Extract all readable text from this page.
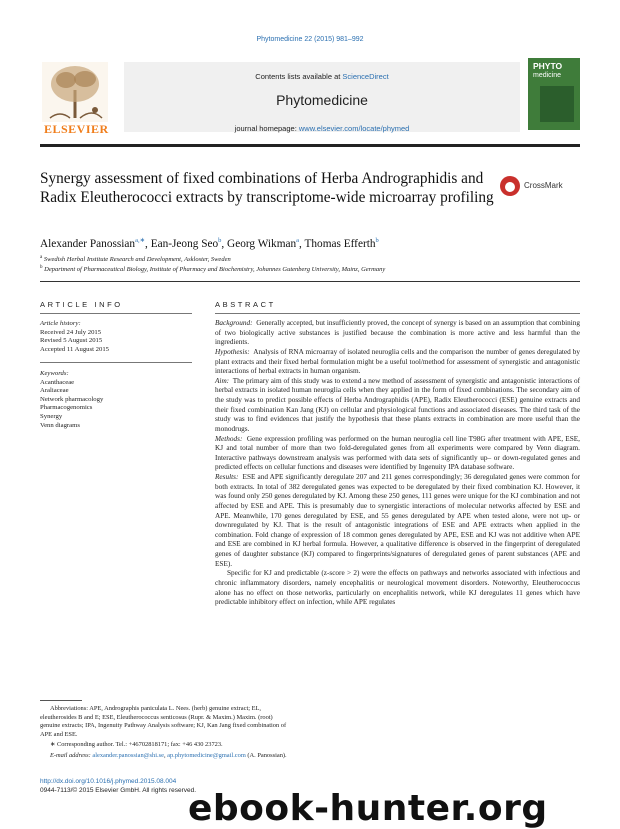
Phytomedicine 22 (2015) 981–992
ELSEVIER
Contents lists available at ScienceDirect
Phytomedicine
journal homepage: www.elsevier.com/locate/phymed
PHYTO
medicine
Synergy assessment of fixed combinations of Herba Andrographidis and Radix Eleutherococci extracts by transcriptome-wide microarray profiling
CrossMark
Alexander Panossian$^{a,∗}$, Ean-Jeong Seo$^b$, Georg Wikman$^a$, Thomas Efferth$^b$
$^a$ Swedish Herbal Institute Research and Development, Askloster, Sweden
$^b$ Department of Pharmaceutical Biology, Institute of Pharmacy and Biochemistry, Johannes Gutenberg University, Mainz, Germany
ARTICLE INFO	ABSTRACT
Article history:
Received 24 July 2015
Revised 5 August 2015
Accepted 11 August 2015
Keywords:
Acanthaceae
Araliaceae
Network pharmacology
Pharmacogenomics
Synergy
Venn diagrams

Background: Generally accepted, but insufficiently proved, the concept of synergy is based on an assumption that combining of two biologically active substances is justified because the combination is more active and less harmful than the ingredients.

Hypothesis: Analysis of RNA microarray of isolated neuroglia cells and the comparison the number of genes deregulated by plant extracts and their fixed herbal formulation might be a useful tool/method for assessment of synergistic and antagonistic interactions of herbal extracts in human organism.

Aim: The primary aim of this study was to extend a new method of assessment of synergistic and antagonistic interactions of herbal extracts in isolated human neuroglia cells when they applied in the form of fixed combinations. The secondary aim of the study was to predict possible effects of Herba Andrographidis (APE), Radix Eleutherococci (ESE) genuine extracts and their fixed combination Kan Jang (KJ) on cellular and physiological functions and associated diseases. The third task of the study was to find evidences that justify the hypothesis that these plants extracts in combination are more useful than the monodrugs.

Methods: Gene expression profiling was performed on the human neuroglia cell line T98G after treatment with APE, ESE, KJ and total number of more than two fold-deregulated genes from all experiments were compared by Venn diagram. Interactive pathways downstream analysis was performed with data sets of significantly up– or down-regulated genes and predicted effects on cellular functions and diseases were identified by Ingenuity IPA database software.

Results: ESE and APE significantly deregulate 207 and 211 genes correspondingly; 36 deregulated genes were common for both extracts. In total of 382 deregulated genes was expected to be deregulated by their fixed combination KJ. However, it was found only 250 genes deregulated by KJ. Among these 250 genes, 111 genes were unique for the KJ combination and not affected by ESE and APE. This is presumably due to synergistic interactions of molecular networks affected by ESE and APE. Meanwhile, 170 genes deregulated by ESE, and 55 genes deregulated by APE when tested alone, were not up- or downregulated by KJ. That is the result of antagonistic integrations of ESE and APE extracts when applied in the combination. Fold change of expression of 18 common genes deregulated by APE, ESE and KJ was not additive when APE and ESE are combined in KJ herbal formula. However, a qualitative difference is observed in the fingerprint of deregulated genes of daughter substance (KJ) compared to fingerprints/signatures of deregulated genes of parent substances (APE and ESE).

Specific for KJ and predictable (z-score > 2) were the effects on pathways and networks associated with infectious and chronic inflammatory disorders, namely encephalitis or neurological movement disorders. Noteworthy, Eleutherococcus alone has no effect on those networks, particularly on encephalitis network, while KJ deregulates 11 genes which have predictable inhibitory effect on infection, while APE regulates

Abbreviations: APE, Andrographis paniculata L. Nees. (herb) genuine extract; EL, eleutherosides B and E; ESE, Eleutherococcus senticosus (Rupr. & Maxim.) Maxim. (root) genuine extracts; IPA, Ingenuity Pathway Analysis software; KJ, Kan Jang fixed combination of APE and ESE.

∗ Corresponding author. Tel.: +46702818171; fax: +46 430 23723.

E-mail address: alexander.panossian@shi.se, ap.phytomedicine@gmail.com (A. Panossian).

http://dx.doi.org/10.1016/j.phymed.2015.08.004
0944-7113/© 2015 Elsevier GmbH. All rights reserved.
ebook-hunter.org
